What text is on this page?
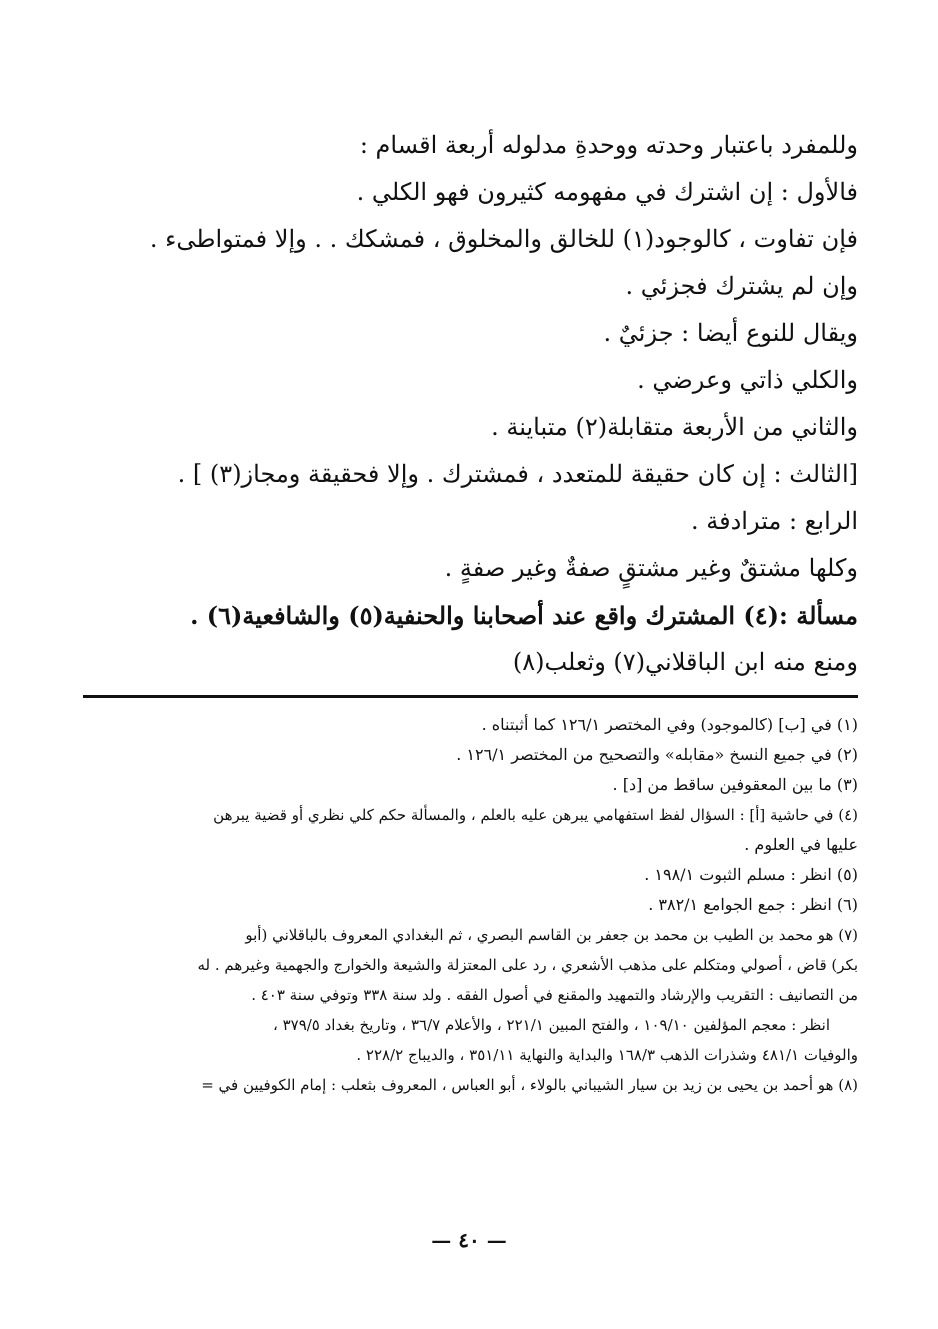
وللمفرد باعتبار وحدته ووحدةِ مدلوله أربعة اقسام :
فالأول : إن اشترك في مفهومه كثيرون فهو الكلي .
فإن تفاوت ، كالوجود(١) للخالق والمخلوق ، فمشكك . . وإلا فمتواطىء .
وإن لم يشترك فجزئي .
ويقال للنوع أيضا : جزئيٌ .
والكلي ذاتي وعرضي .
والثاني من الأربعة متقابلة(٢) متباينة .
[الثالث : إن كان حقيقة للمتعدد ، فمشترك . وإلا فحقيقة ومجاز(٣) ] .
الرابع : مترادفة .
وكلها مشتقٌ وغير مشتقٍ صفةٌ وغير صفةٍ .
مسألة :(٤) المشترك واقع عند أصحابنا والحنفية(٥) والشافعية(٦) .
ومنع منه ابن الباقلاني(٧) وثعلب(٨)
(١) في [ب] (كالموجود) وفي المختصر ١٢٦/١ كما أثبتناه .
(٢) في جميع النسخ «مقابله» والتصحيح من المختصر ١٢٦/١ .
(٣) ما بين المعقوفين ساقط من [د] .
(٤) في حاشية [أ] : السؤال لفظ استفهامي يبرهن عليه بالعلم ، والمسألة حكم كلي نظري أو قضية يبرهن
عليها في العلوم .
(٥) انظر : مسلم الثبوت ١٩٨/١ .
(٦) انظر : جمع الجوامع ٣٨٢/١ .
(٧) هو محمد بن الطيب بن محمد بن جعفر بن القاسم البصري ، ثم البغدادي المعروف بالباقلاني (أبو
بكر) قاض ، أصولي ومتكلم على مذهب الأشعري ، رد على المعتزلة والشيعة والخوارج والجهمية وغيرهم . له
من التصانيف : التقريب والإرشاد والتمهيد والمقنع في أصول الفقه . ولد سنة ٣٣٨ وتوفي سنة ٤٠٣ .
انظر : معجم المؤلفين ١٠٩/١٠ ، والفتح المبين ٢٢١/١ ، والأعلام ٣٦/٧ ، وتاريخ بغداد ٣٧٩/٥ ،
والوفيات ٤٨١/١ وشذرات الذهب ١٦٨/٣ والبداية والنهاية ٣٥١/١١ ، والديباج ٢٢٨/٢ .
(٨) هو أحمد بن يحيى بن زيد بن سيار الشيباني بالولاء ، أبو العباس ، المعروف بثعلب : إمام الكوفيين في =
— ٤٠ —
